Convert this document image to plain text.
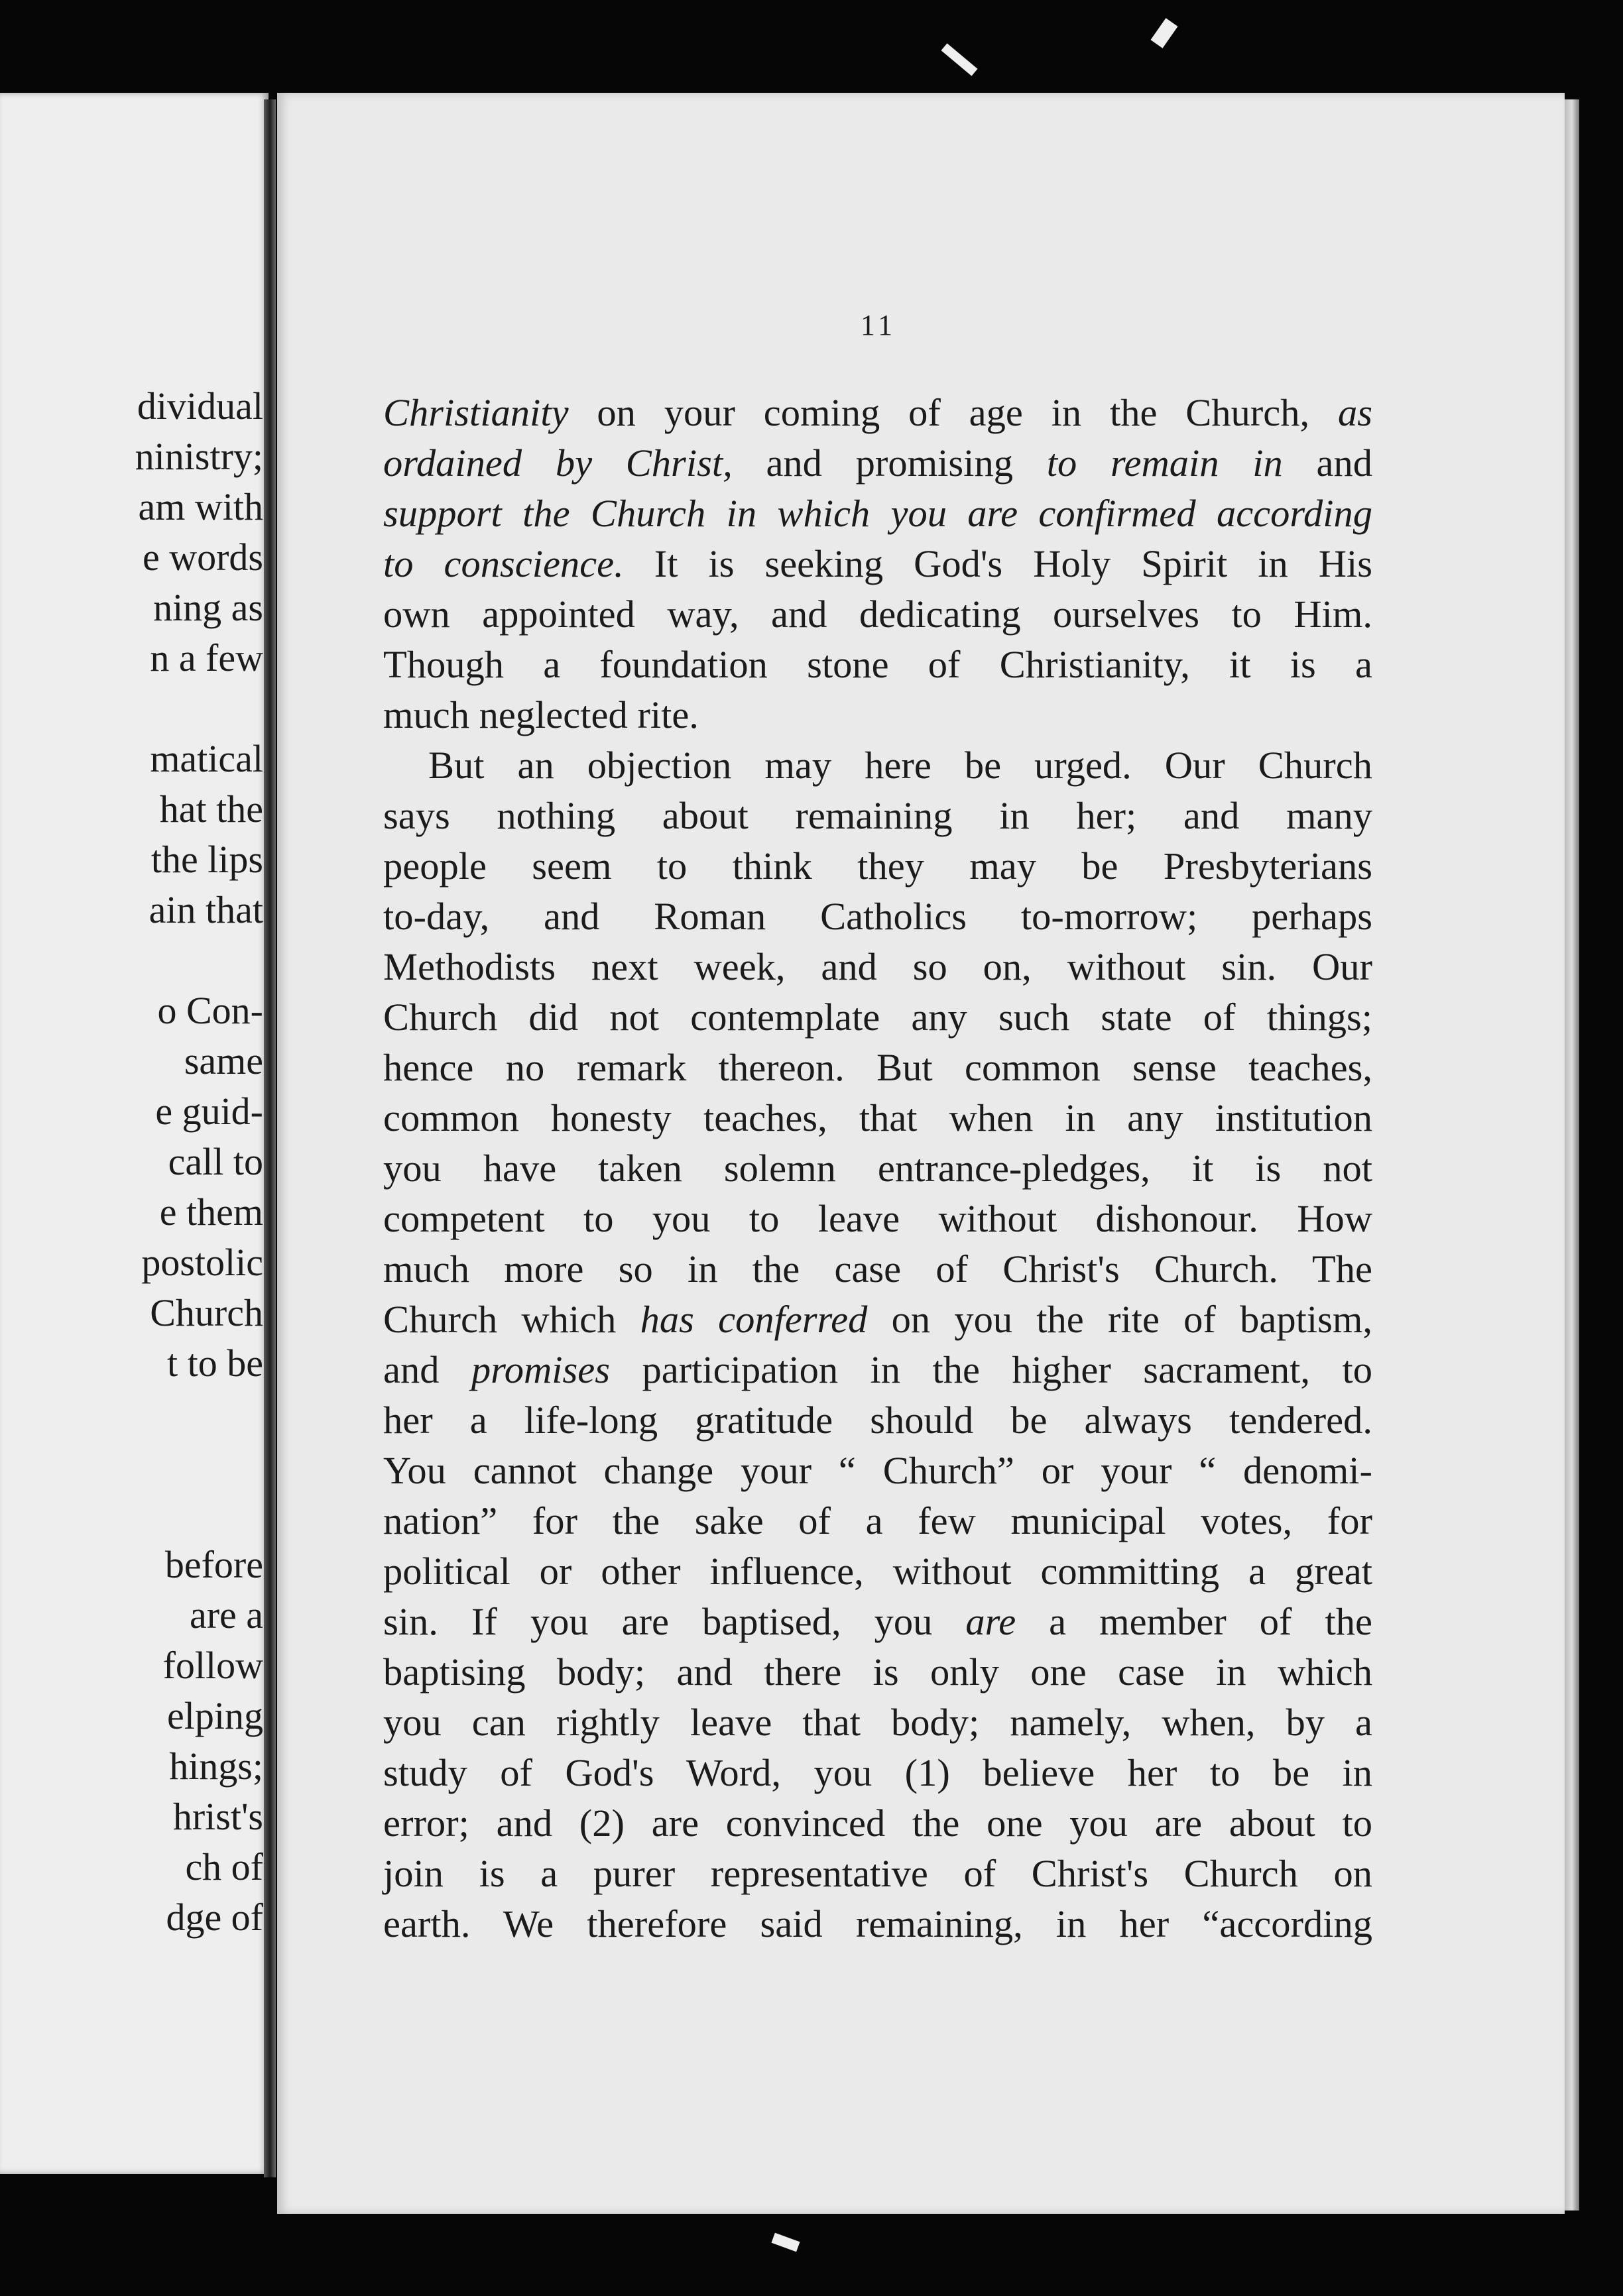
dividual
ninistry;
am with
e words
ning as
n a few
matical
hat the
the lips
ain that
o Con-
same
e guid-
call to
e them
postolic
Church
t to be
before
are a
follow
elping
hings;
hrist's
ch of
dge of
11
Christianity on your coming of age in the Church, as
ordained by Christ, and promising to remain in and
support the Church in which you are confirmed according
to conscience. It is seeking God's Holy Spirit in His
own appointed way, and dedicating ourselves to Him.
Though a foundation stone of Christianity, it is a
much neglected rite.
But an objection may here be urged. Our Church
says nothing about remaining in her; and many
people seem to think they may be Presbyterians
to-day, and Roman Catholics to-morrow; perhaps
Methodists next week, and so on, without sin. Our
Church did not contemplate any such state of things;
hence no remark thereon. But common sense teaches,
common honesty teaches, that when in any institution
you have taken solemn entrance-pledges, it is not
competent to you to leave without dishonour. How
much more so in the case of Christ's Church. The
Church which has conferred on you the rite of baptism,
and promises participation in the higher sacrament, to
her a life-long gratitude should be always tendered.
You cannot change your “ Church” or your “ denomi-
nation” for the sake of a few municipal votes, for
political or other influence, without committing a great
sin. If you are baptised, you are a member of the
baptising body; and there is only one case in which
you can rightly leave that body; namely, when, by a
study of God's Word, you (1) believe her to be in
error; and (2) are convinced the one you are about to
join is a purer representative of Christ's Church on
earth. We therefore said remaining, in her “according
